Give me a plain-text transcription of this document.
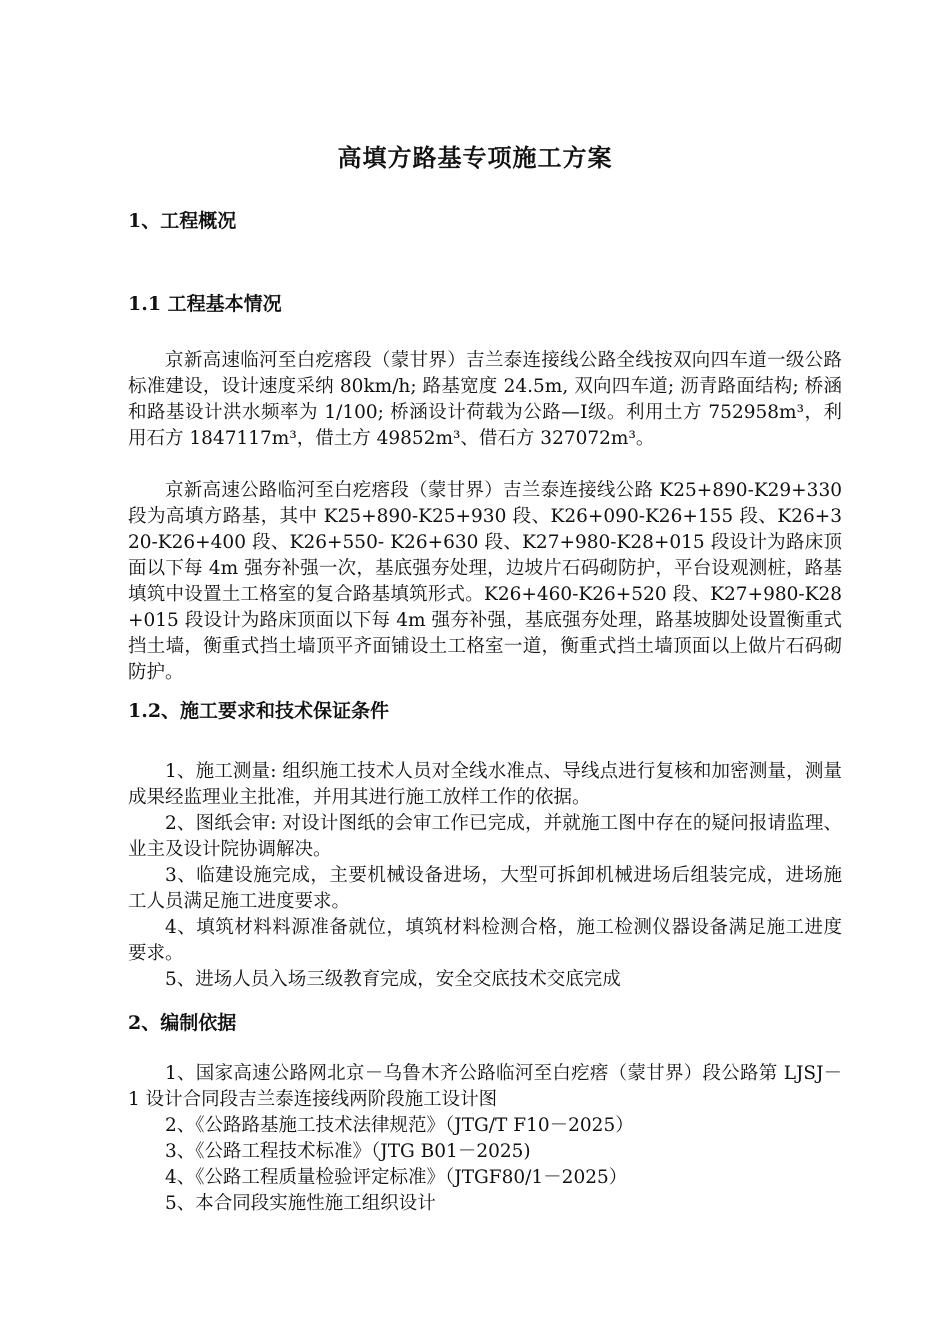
高填方路基专项施工方案
1、工程概况
1.1 工程基本情况
京新高速临河至白疙瘩段（蒙甘界）吉兰泰连接线公路全线按双向四车道一级公路标准建设，设计速度采纳 80km/h; 路基宽度 24.5m, 双向四车道; 沥青路面结构; 桥涵和路基设计洪水频率为 1/100; 桥涵设计荷载为公路—Ⅰ级。利用土方 752958m³，利用石方 1847117m³，借土方 49852m³、借石方 327072m³。
京新高速公路临河至白疙瘩段（蒙甘界）吉兰泰连接线公路 K25+890-K29+330 段为高填方路基，其中 K25+890-K25+930 段、K26+090-K26+155 段、K26+320-K26+400 段、K26+550- K26+630 段、K27+980-K28+015 段设计为路床顶面以下每 4m 强夯补强一次，基底强夯处理，边坡片石码砌防护，平台设观测桩，路基填筑中设置土工格室的复合路基填筑形式。K26+460-K26+520 段、K27+980-K28+015 段设计为路床顶面以下每 4m 强夯补强，基底强夯处理，路基坡脚处设置衡重式挡土墙，衡重式挡土墙顶平齐面铺设土工格室一道，衡重式挡土墙顶面以上做片石码砌防护。
1.2、施工要求和技术保证条件

1、施工测量: 组织施工技术人员对全线水准点、导线点进行复核和加密测量，测量成果经监理业主批准，并用其进行施工放样工作的依据。

2、图纸会审: 对设计图纸的会审工作已完成，并就施工图中存在的疑问报请监理、业主及设计院协调解决。

3、临建设施完成，主要机械设备进场，大型可拆卸机械进场后组装完成，进场施工人员满足施工进度要求。

4、填筑材料料源准备就位，填筑材料检测合格，施工检测仪器设备满足施工进度要求。

5、进场人员入场三级教育完成，安全交底技术交底完成

2、编制依据

1、国家高速公路网北京－乌鲁木齐公路临河至白疙瘩（蒙甘界）段公路第 LJSJ－1 设计合同段吉兰泰连接线两阶段施工设计图

2、《公路路基施工技术法律规范》（JTG/T F10－2025）

3、《公路工程技术标准》（JTG B01－2025)

4、《公路工程质量检验评定标准》（JTGF80/1－2025）

5、本合同段实施性施工组织设计
